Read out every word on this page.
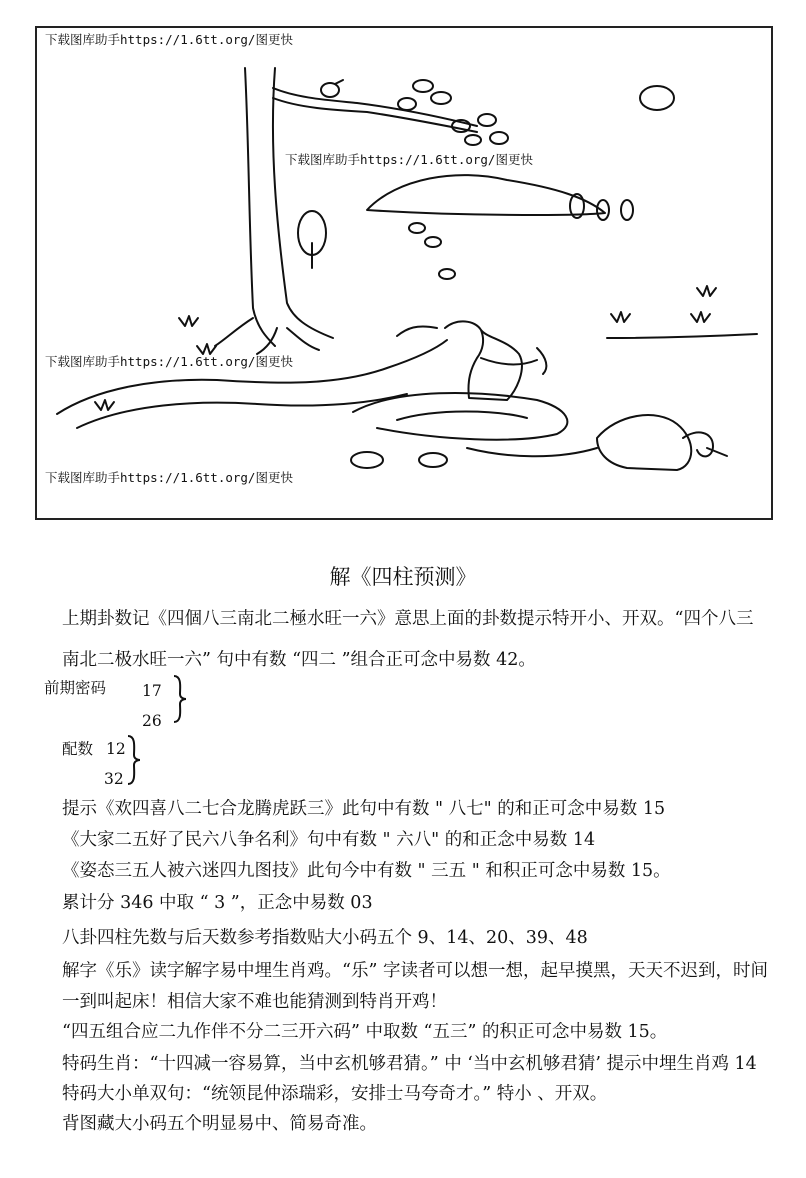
下载图库助手https://1.6tt.org/图更快
下载图库助手https://1.6tt.org/图更快
下载图库助手https://1.6tt.org/图更快
下载图库助手https://1.6tt.org/图更快
解《四柱预测》
上期卦数记《四個八三南北二極水旺一六》意思上面的卦数提示特开小、开双。“四个八三
南北二极水旺一六” 句中有数 “四二 ”组合正可念中易数 42。
前期密码 17
26
配数 12
32
提示《欢四喜八二七合龙腾虎跃三》此句中有数 " 八七" 的和正可念中易数 15
《大家二五好了民六八争名利》句中有数 " 六八" 的和正念中易数 14
《姿态三五人被六迷四九图技》此句今中有数 " 三五 " 和积正可念中易数 15。
累计分 346 中取 “ 3 ”，正念中易数 03
八卦四柱先数与后天数参考指数贴大小码五个 9、14、20、39、48
解字《乐》读字解字易中埋生肖鸡。“乐” 字读者可以想一想，起早摸黑，天天不迟到，时间
一到叫起床！相信大家不难也能猜测到特肖开鸡！
“四五组合应二九作伴不分二三开六码” 中取数 “五三” 的积正可念中易数 15。
特码生肖：“十四减一容易算，当中玄机够君猜。” 中 ‘当中玄机够君猜’ 提示中埋生肖鸡 14
特码大小单双句：“统领昆仲添瑞彩，安排士马夸奇才。” 特小 、开双。
背图藏大小码五个明显易中、简易奇准。
